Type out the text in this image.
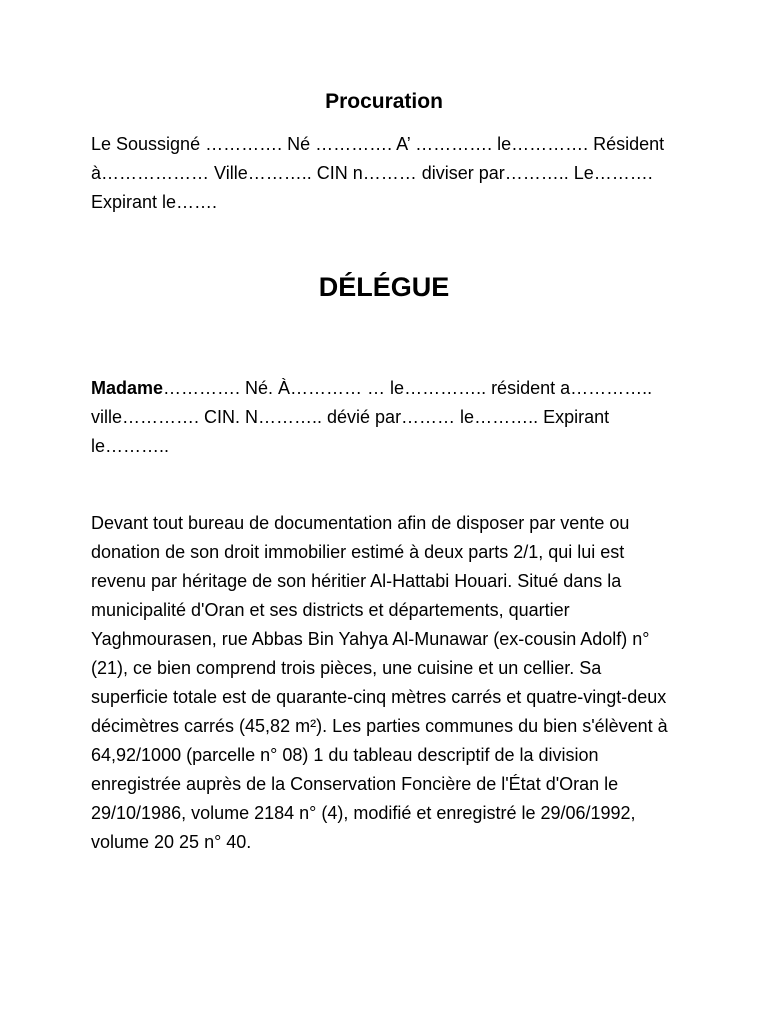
Procuration

Le Soussigné …………. Né …………. A’ …………. le…………. Résident à……………… Ville……….. CIN n……… diviser par……….. Le………. Expirant le…….

DÉLÉGUE

Madame…………. Né. À………… … le………….. résident a………….. ville…………. CIN. N……….. dévié par……… le……….. Expirant le………..

Devant tout bureau de documentation afin de disposer par vente ou donation de son droit immobilier estimé à deux parts 2/1, qui lui est revenu par héritage de son héritier Al-Hattabi Houari. Situé dans la municipalité d'Oran et ses districts et départements, quartier Yaghmourasen, rue Abbas Bin Yahya Al-Munawar (ex-cousin Adolf) n° (21), ce bien comprend trois pièces, une cuisine et un cellier. Sa superficie totale est de quarante-cinq mètres carrés et quatre-vingt-deux décimètres carrés (45,82 m²). Les parties communes du bien s'élèvent à 64,92/1000 (parcelle n° 08) 1 du tableau descriptif de la division enregistrée auprès de la Conservation Foncière de l'État d'Oran le 29/10/1986, volume 2184 n° (4), modifié et enregistré le 29/06/1992, volume 20 25 n° 40.
